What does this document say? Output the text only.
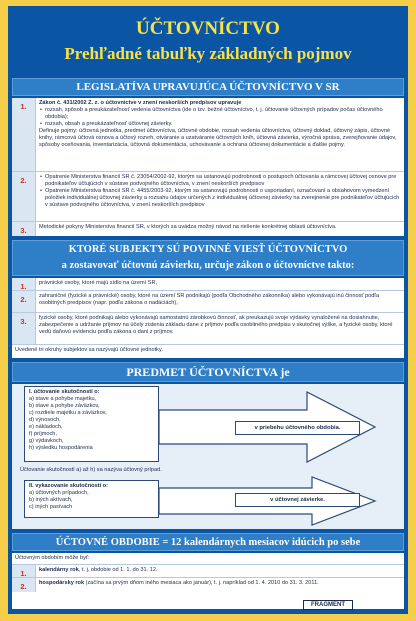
ÚČTOVNÍCTVO
Prehľadné tabuľky základných pojmov
LEGISLATÍVA UPRAVUJÚCA ÚČTOVNÍCTVO V SR
1.	Zákon č. 431/2002 Z. z. o účtovníctve v znení neskorších predpisov upravuje
• rozsah, spôsob a preukázateľnosť vedenia účtovníctva (ide o tzv. bežné účtovníctvo, t. j. účtovanie účtovných prípadov počas účtovného obdobia);
• rozsah, obsah a preukázateľnosť účtovnej závierky.
Definuje pojmy: účtovná jednotka, predmet účtovníctva, účtovné obdobie, rozsah vedenia účtovníctva, účtovný doklad, účtovný zápis, účtovné knihy, rámcová účtová osnova a účtový rozvrh, otváranie a uzatváranie účtovných kníh, účtovná závierka, výročná správa, zverejňovanie údajov, spôsoby oceňovania, inventarizácia, účtovná dokumentácia, uchovávanie a ochrana účtovnej dokumentácie a ďalšie pojmy.
2.
•	Opatrenie Ministerstva financií SR č. 23054/2002-92, ktorým sa ustanovujú podrobnosti o postupoch účtovania a rámcovej účtovej osnove pre podnikateľov účtujúcich v sústave podvojného účtovníctva, v znení neskorších predpisov
• Opatrenie Ministerstva financií SR č. 4455/2003-92, ktorým sa ustanovujú podrobnosti o usporiadaní, označovaní a obsahovom vymedzení položiek individuálnej účtovnej závierky a rozsahu údajov určených z individuálnej účtovnej závierky na zverejnenie pre podnikateľov účtujúcich v sústave podvojného účtovníctva, v znení neskorších predpisov
3.	Metodické pokyny Ministerstva financií SR, v ktorých sa uvádza možný návod na riešenie konkrétnej oblasti účtovníctva.
KTORÉ SUBJEKTY SÚ POVINNÉ VIESŤ ÚČTOVNÍCTVO
a zostavovať účtovnú závierku, určuje zákon o účtovníctve takto:
1.	právnické osoby, ktoré majú sídlo na území SR,
2.	zahraničné (fyzické a právnické) osoby, ktoré na území SR podnikajú (podľa Obchodného zákonníka) alebo vykonávajú inú činnosť podľa osobitných predpisov (napr. podľa zákona o nadáciách),
3.	fyzické osoby, ktoré podnikajú alebo vykonávajú samostatnú zárobkovú činnosť, ak preukazujú svoje výdavky vynaložené na dosiahnutie, zabezpečenie a udržanie príjmov na účely zistenia základu dane z príjmov podľa osobitného predpisu v skutočnej výške, a fyzické osoby, ktoré vedú daňovú evidenciu podľa zákona o dani z príjmov.
Uvedené tri okruhy subjektov sa nazývajú účtovné jednotky.
PREDMET ÚČTOVNÍCTVA je
I. účtovanie skutočností o:
a) stave a pohybe majetku,
b) stave a pohybe záväzkov,
c) rozdiele majetku a záväzkov,
d) výnosoch,
e) nákladoch,
f) príjmoch,
g) výdavkoch,
h) výsledku hospodárenia
v priebehu účtovného obdobia.
Účtovanie skutočností a) až h) sa nazýva účtovný prípad.
II. vykazovanie skutočností o:
a) účtovných prípadoch,
b) iných aktívach,
c) iných pasívach
v účtovnej závierke.
ÚČTOVNÉ OBDOBIE = 12 kalendárnych mesiacov idúcich po sebe
Účtovným obdobím môže byť:
1.	kalendárny rok, t. j. obdobie od 1. 1. do 31. 12.
2.	hospodársky rok (začína sa prvým dňom iného mesiaca ako január), t. j. napríklad od 1. 4. 2010 do 31. 3. 2011.
FRAGMENT
